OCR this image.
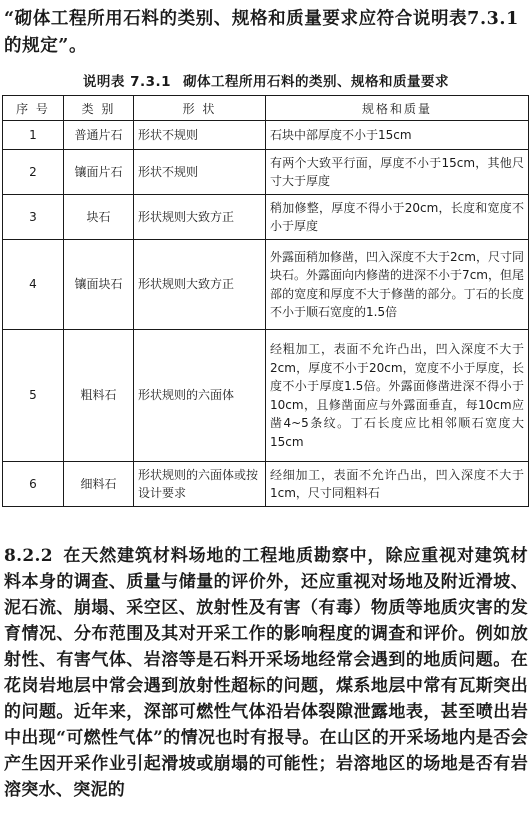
“砌体工程所用石料的类别、规格和质量要求应符合说明表7.3.1的规定”。
说明表 7.3.1 砌体工程所用石料的类别、规格和质量要求
序 号	类 别	形 状	规格和质量
1	普通片石	形状不规则	石块中部厚度不小于15cm
2	镶面片石	形状不规则	有两个大致平行面，厚度不小于15cm，其他尺寸大于厚度
3	块石	形状规则大致方正	稍加修整，厚度不得小于20cm，长度和宽度不小于厚度
4	镶面块石	形状规则大致方正	外露面稍加修凿，凹入深度不大于2cm，尺寸同块石。外露面向内修凿的进深不小于7cm，但尾部的宽度和厚度不大于修凿的部分。丁石的长度不小于顺石宽度的1.5倍
5	粗料石	形状规则的六面体	经粗加工，表面不允许凸出，凹入深度不大于2cm，厚度不小于20cm，宽度不小于厚度，长度不小于厚度1.5倍。外露面修凿进深不得小于10cm，且修凿面应与外露面垂直，每10cm应凿4~5条纹。丁石长度应比相邻顺石宽度大15cm
6	细料石	形状规则的六面体或按设计要求	经细加工，表面不允许凸出，凹入深度不大于1cm，尺寸同粗料石
8.2.2 在天然建筑材料场地的工程地质勘察中，除应重视对建筑材料本身的调查、质量与储量的评价外，还应重视对场地及附近滑坡、泥石流、崩塌、采空区、放射性及有害（有毒）物质等地质灾害的发育情况、分布范围及其对开采工作的影响程度的调查和评价。例如放射性、有害气体、岩溶等是石料开采场地经常会遇到的地质问题。在花岗岩地层中常会遇到放射性超标的问题，煤系地层中常有瓦斯突出的问题。近年来，深部可燃性气体沿岩体裂隙泄露地表，甚至喷出岩中出现“可燃性气体”的情况也时有报导。在山区的开采场地内是否会产生因开采作业引起滑坡或崩塌的可能性；岩溶地区的场地是否有岩溶突水、突泥的
